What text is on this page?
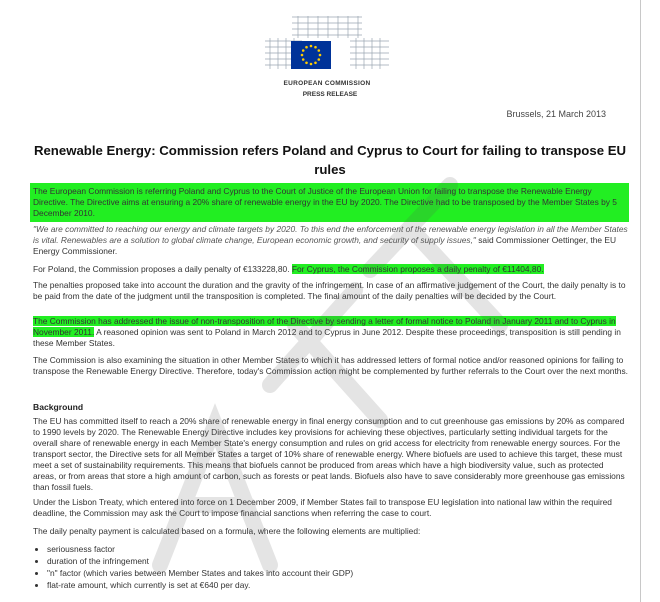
EUROPEAN COMMISSION
PRESS RELEASE
Brussels, 21 March 2013
Renewable Energy: Commission refers Poland and Cyprus to Court for failing to transpose EU rules
The European Commission is referring Poland and Cyprus to the Court of Justice of the European Union for failing to transpose the Renewable Energy Directive. The Directive aims at ensuring a 20% share of renewable energy in the EU by 2020. The Directive had to be transposed by the Member States by 5 December 2010.
"We are committed to reaching our energy and climate targets by 2020. To this end the enforcement of the renewable energy legislation in all the Member States is vital. Renewables are a solution to global climate change, European economic growth, and security of supply issues," said Commissioner Oettinger, the EU Energy Commissioner.
For Poland, the Commission proposes a daily penalty of €133228,80. For Cyprus, the Commission proposes a daily penalty of €11404,80.
The penalties proposed take into account the duration and the gravity of the infringement. In case of an affirmative judgement of the Court, the daily penalty is to be paid from the date of the judgment until the transposition is completed. The final amount of the daily penalties will be decided by the Court.
The Commission has addressed the issue of non-transposition of the Directive by sending a letter of formal notice to Poland in January 2011 and to Cyprus in November 2011. A reasoned opinion was sent to Poland in March 2012 and to Cyprus in June 2012. Despite these proceedings, transposition is still pending in these Member States.
The Commission is also examining the situation in other Member States to which it has addressed letters of formal notice and/or reasoned opinions for failing to transpose the Renewable Energy Directive. Therefore, today's Commission action might be complemented by further referrals to the Court over the next months.
Background
The EU has committed itself to reach a 20% share of renewable energy in final energy consumption and to cut greenhouse gas emissions by 20% as compared to 1990 levels by 2020. The Renewable Energy Directive includes key provisions for achieving these objectives, particularly setting individual targets for the overall share of renewable energy in each Member State's energy consumption and rules on grid access for electricity from renewable energy sources. For the transport sector, the Directive sets for all Member States a target of 10% share of renewable energy. Where biofuels are used to achieve this target, these must meet a set of sustainability requirements. This means that biofuels cannot be produced from areas which have a high biodiversity value, such as protected areas, or from areas that store a high amount of carbon, such as forests or peat lands. Biofuels also have to save considerably more greenhouse gas emissions than fossil fuels.
Under the Lisbon Treaty, which entered into force on 1 December 2009, if Member States fail to transpose EU legislation into national law within the required deadline, the Commission may ask the Court to impose financial sanctions when referring the case to court.
The daily penalty payment is calculated based on a formula, where the following elements are multiplied:
• seriousness factor
• duration of the infringement
• "n" factor (which varies between Member States and takes into account their GDP)
• flat-rate amount, which currently is set at €640 per day.
